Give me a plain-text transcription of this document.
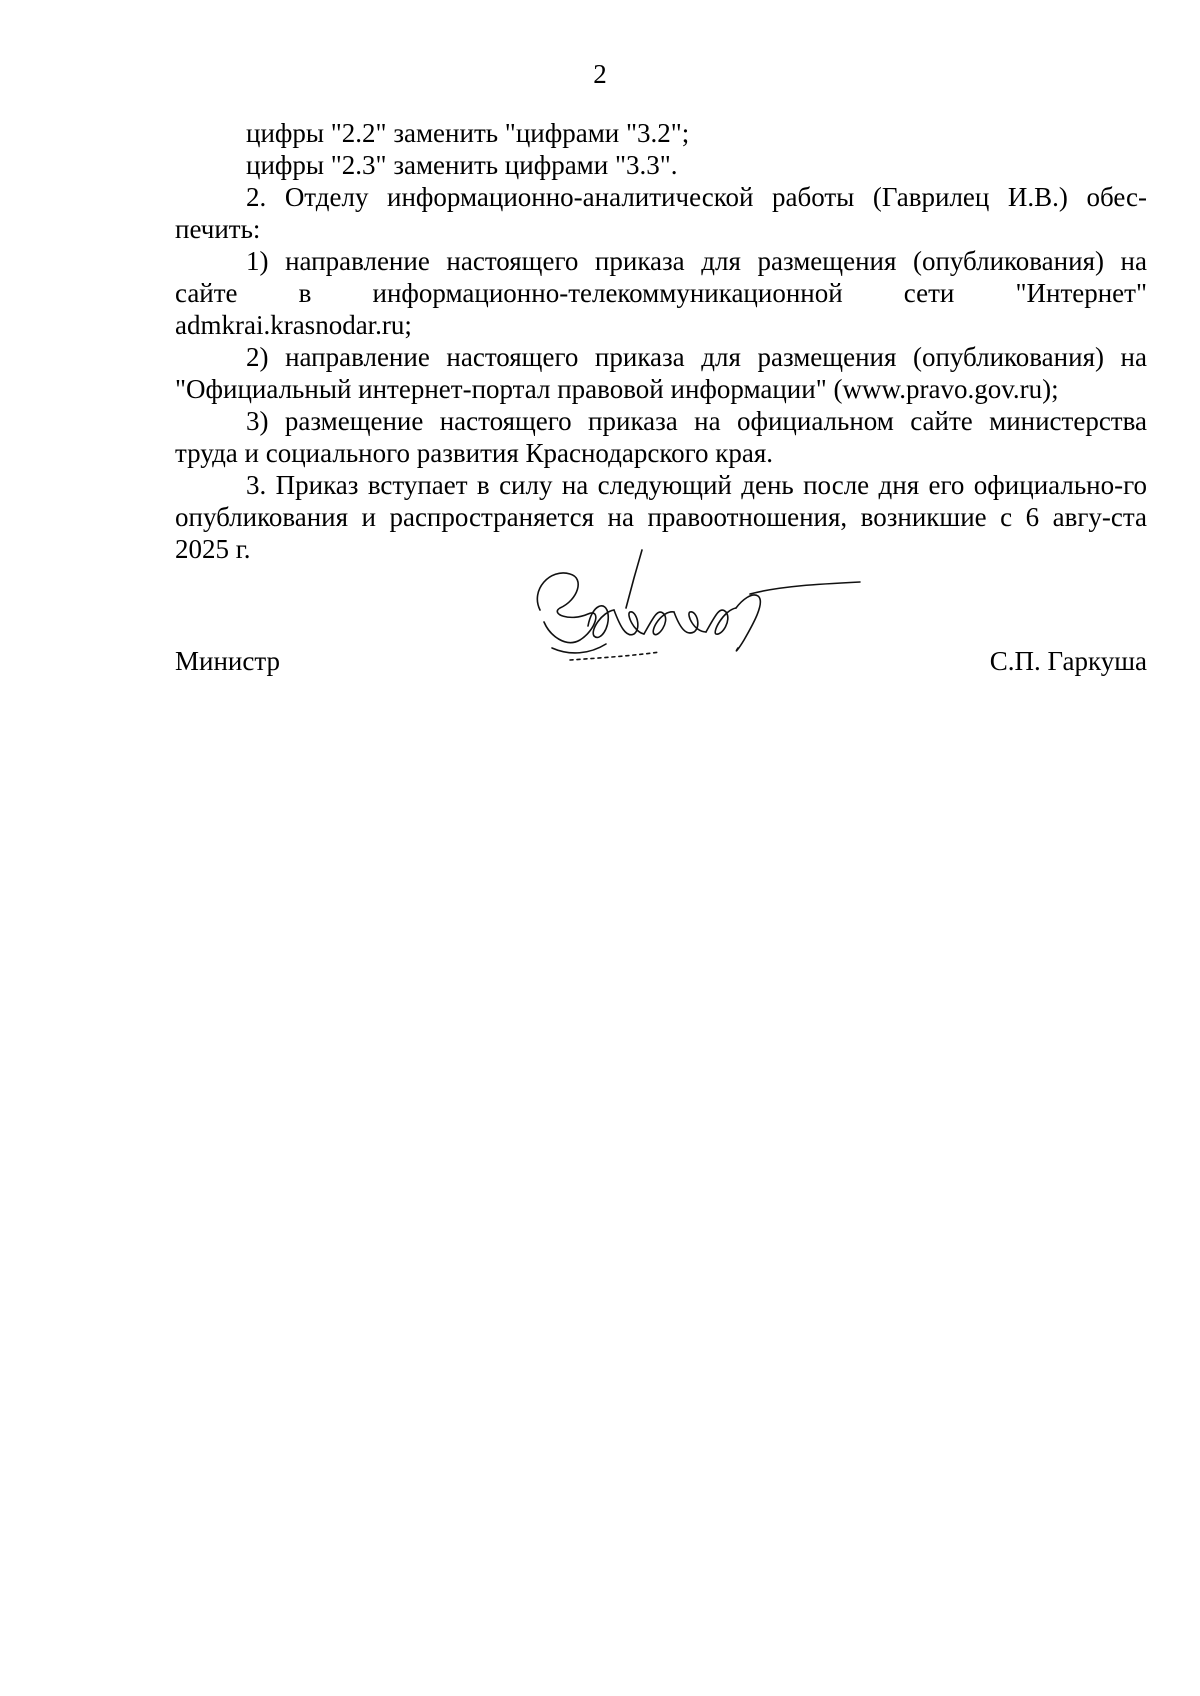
2

цифры "2.2" заменить "цифрами "3.2";

цифры "2.3" заменить цифрами "3.3".

2. Отделу информационно-аналитической работы (Гаврилец И.В.) обес-печить:

1) направление настоящего приказа для размещения (опубликования) на сайте в информационно-телекоммуникационной сети "Интернет" admkrai.krasnodar.ru;

2) направление настоящего приказа для размещения (опубликования) на "Официальный интернет-портал правовой информации" (www.pravo.gov.ru);

3) размещение настоящего приказа на официальном сайте министерства труда и социального развития Краснодарского края.

3. Приказ вступает в силу на следующий день после дня его официально-го опубликования и распространяется на правоотношения, возникшие с 6 авгу-ста 2025 г.

Министр	С.П. Гаркуша
